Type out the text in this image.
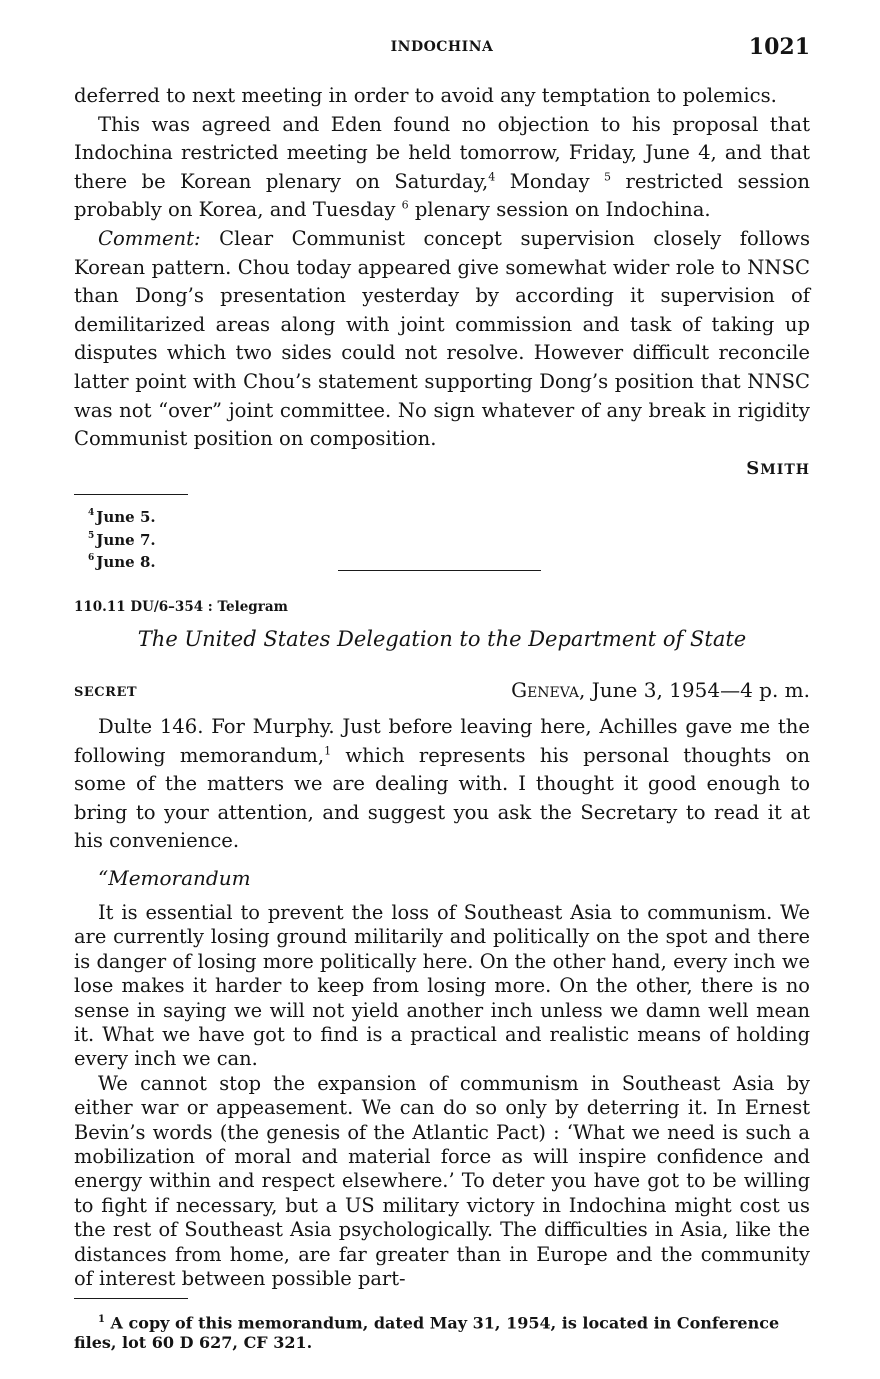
INDOCHINA	1021

deferred to next meeting in order to avoid any temptation to polemics.

This was agreed and Eden found no objection to his proposal that Indochina restricted meeting be held tomorrow, Friday, June 4, and that there be Korean plenary on Saturday,$^4$ Monday $^5$ restricted session probably on Korea, and Tuesday $^6$ plenary session on Indochina.

Comment: Clear Communist concept supervision closely follows Korean pattern. Chou today appeared give somewhat wider role to NNSC than Dong’s presentation yesterday by according it supervision of demilitarized areas along with joint commission and task of taking up disputes which two sides could not resolve. However difficult reconcile latter point with Chou’s statement supporting Dong’s position that NNSC was not “over” joint committee. No sign whatever of any break in rigidity Communist position on composition.

SMITH
$^4$ June 5.
$^5$ June 7.
$^6$ June 8.
110.11 DU/6–354 : Telegram
The United States Delegation to the Department of State
SECRET	Geneva, June 3, 1954—4 p. m.

Dulte 146. For Murphy. Just before leaving here, Achilles gave me the following memorandum,$^1$ which represents his personal thoughts on some of the matters we are dealing with. I thought it good enough to bring to your attention, and suggest you ask the Secretary to read it at his convenience.

“Memorandum

It is essential to prevent the loss of Southeast Asia to communism. We are currently losing ground militarily and politically on the spot and there is danger of losing more politically here. On the other hand, every inch we lose makes it harder to keep from losing more. On the other, there is no sense in saying we will not yield another inch unless we damn well mean it. What we have got to find is a practical and realistic means of holding every inch we can.

We cannot stop the expansion of communism in Southeast Asia by either war or appeasement. We can do so only by deterring it. In Ernest Bevin’s words (the genesis of the Atlantic Pact) : ‘What we need is such a mobilization of moral and material force as will inspire confidence and energy within and respect elsewhere.’ To deter you have got to be willing to fight if necessary, but a US military victory in Indochina might cost us the rest of Southeast Asia psychologically. The difficulties in Asia, like the distances from home, are far greater than in Europe and the community of interest between possible part-

$^1$ A copy of this memorandum, dated May 31, 1954, is located in Conference files, lot 60 D 627, CF 321.
